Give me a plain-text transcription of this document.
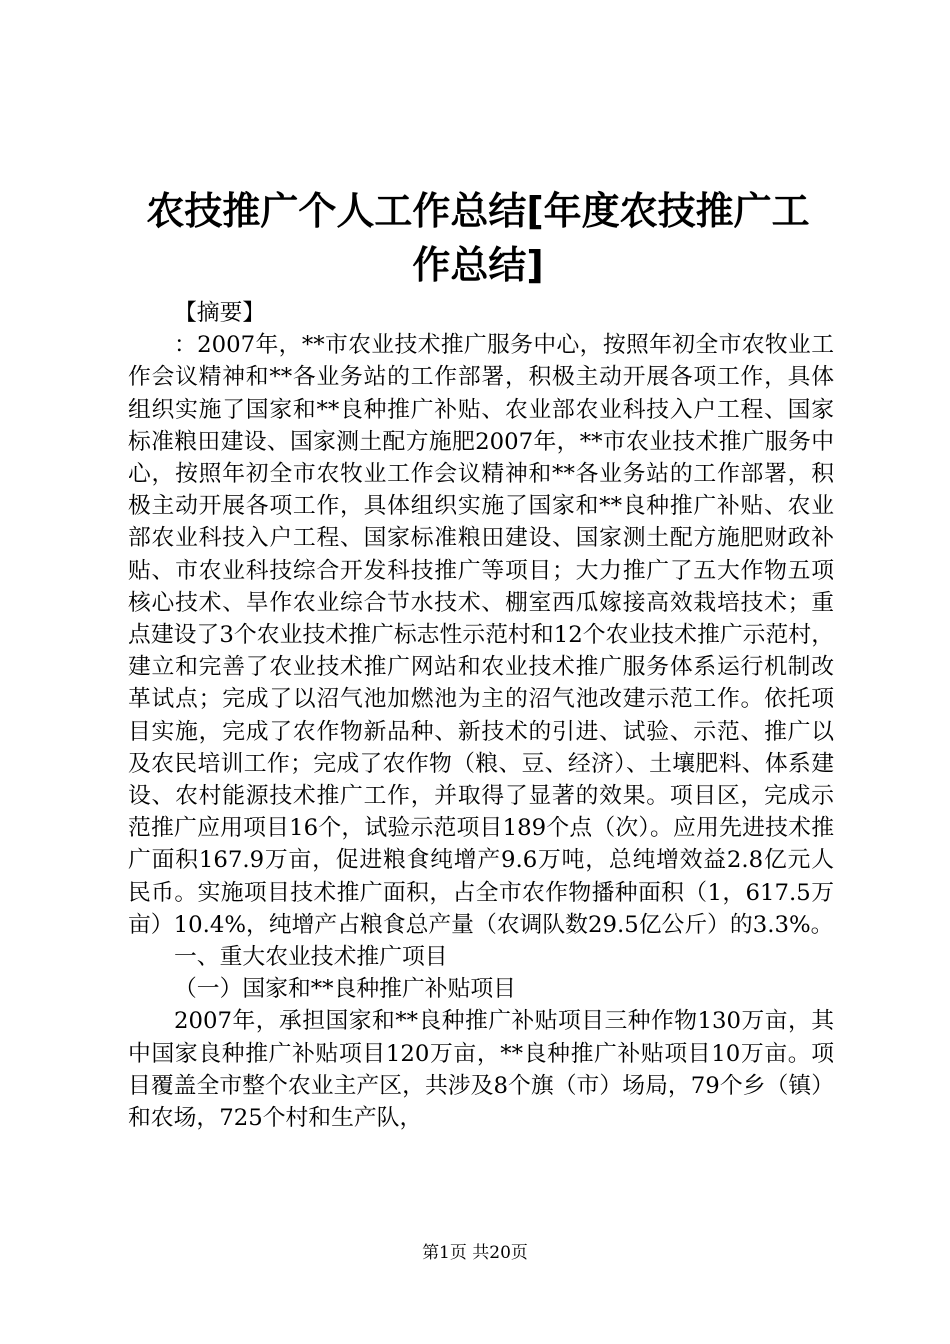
农技推广个人工作总结[年度农技推广工作总结]

【摘要】

：2007年，**市农业技术推广服务中心，按照年初全市农牧业工作会议精神和**各业务站的工作部署，积极主动开展各项工作，具体组织实施了国家和**良种推广补贴、农业部农业科技入户工程、国家标准粮田建设、国家测土配方施肥2007年，**市农业技术推广服务中心，按照年初全市农牧业工作会议精神和**各业务站的工作部署，积极主动开展各项工作，具体组织实施了国家和**良种推广补贴、农业部农业科技入户工程、国家标准粮田建设、国家测土配方施肥财政补贴、市农业科技综合开发科技推广等项目；大力推广了五大作物五项核心技术、旱作农业综合节水技术、棚室西瓜嫁接高效栽培技术；重点建设了3个农业技术推广标志性示范村和12个农业技术推广示范村，建立和完善了农业技术推广网站和农业技术推广服务体系运行机制改革试点；完成了以沼气池加燃池为主的沼气池改建示范工作。依托项目实施，完成了农作物新品种、新技术的引进、试验、示范、推广以及农民培训工作；完成了农作物（粮、豆、经济）、土壤肥料、体系建设、农村能源技术推广工作，并取得了显著的效果。项目区，完成示范推广应用项目16个，试验示范项目189个点（次）。应用先进技术推广面积167.9万亩，促进粮食纯增产9.6万吨，总纯增效益2.8亿元人民币。实施项目技术推广面积，占全市农作物播种面积（1，617.5万亩）10.4%，纯增产占粮食总产量（农调队数29.5亿公斤）的3.3%。

一、重大农业技术推广项目

（一）国家和**良种推广补贴项目

2007年，承担国家和**良种推广补贴项目三种作物130万亩，其中国家良种推广补贴项目120万亩，**良种推广补贴项目10万亩。项目覆盖全市整个农业主产区，共涉及8个旗（市）场局，79个乡（镇）和农场，725个村和生产队，

第1页 共20页
